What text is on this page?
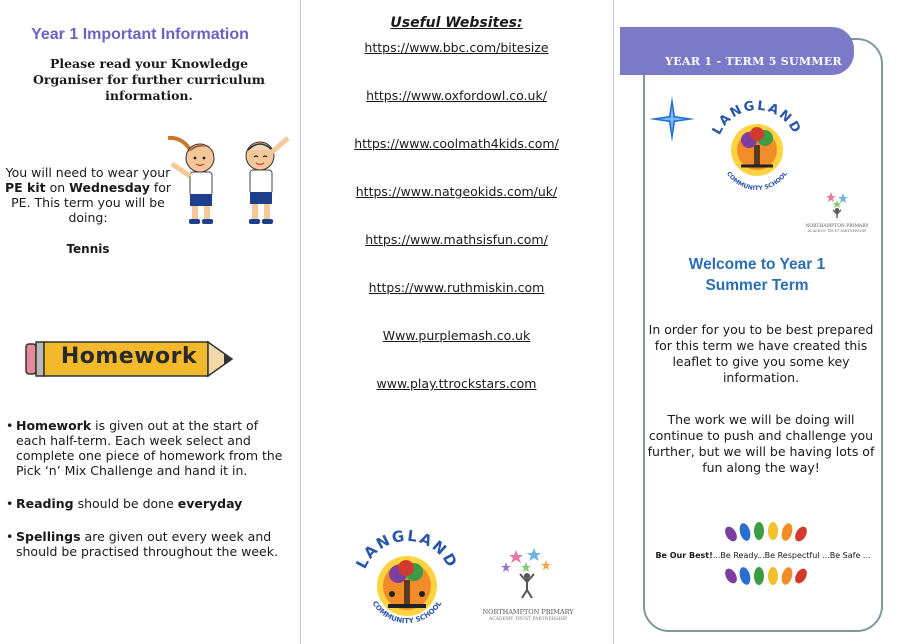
Year 1 Important Information

Please read your Knowledge Organiser for further curriculum information.

You will need to wear your PE kit on Wednesday for PE. This term you will be doing:

Tennis

Homework
• Homework is given out at the start of each half-term. Each week select and complete one piece of homework from the Pick ‘n’ Mix Challenge and hand it in.
• Reading should be done everyday
• Spellings are given out every week and should be practised throughout the week.
Useful Websites:
https://www.bbc.com/bitesize
https://www.oxfordowl.co.uk/
https://www.coolmath4kids.com/
https://www.natgeokids.com/uk/
https://www.mathsisfun.com/
https://www.ruthmiskin.com
Www.purplemash.co.uk
www.play.ttrockstars.com
LANGLAND
COMMUNITY SCHOOL
NORTHAMPTON PRIMARY
ACADEMY TRUST PARTNERSHIP
YEAR 1 - TERM 5 SUMMER
LANGLAND
COMMUNITY SCHOOL
NORTHAMPTON PRIMARY
ACADEMY TRUST PARTNERSHIP
Welcome to Year 1
Summer Term

In order for you to be best prepared for this term we have created this leaflet to give you some key information.

The work we will be doing will continue to push and challenge you further, but we will be having lots of fun along the way!

Be Our Best!...Be Ready...Be Respectful ...Be Safe ...
